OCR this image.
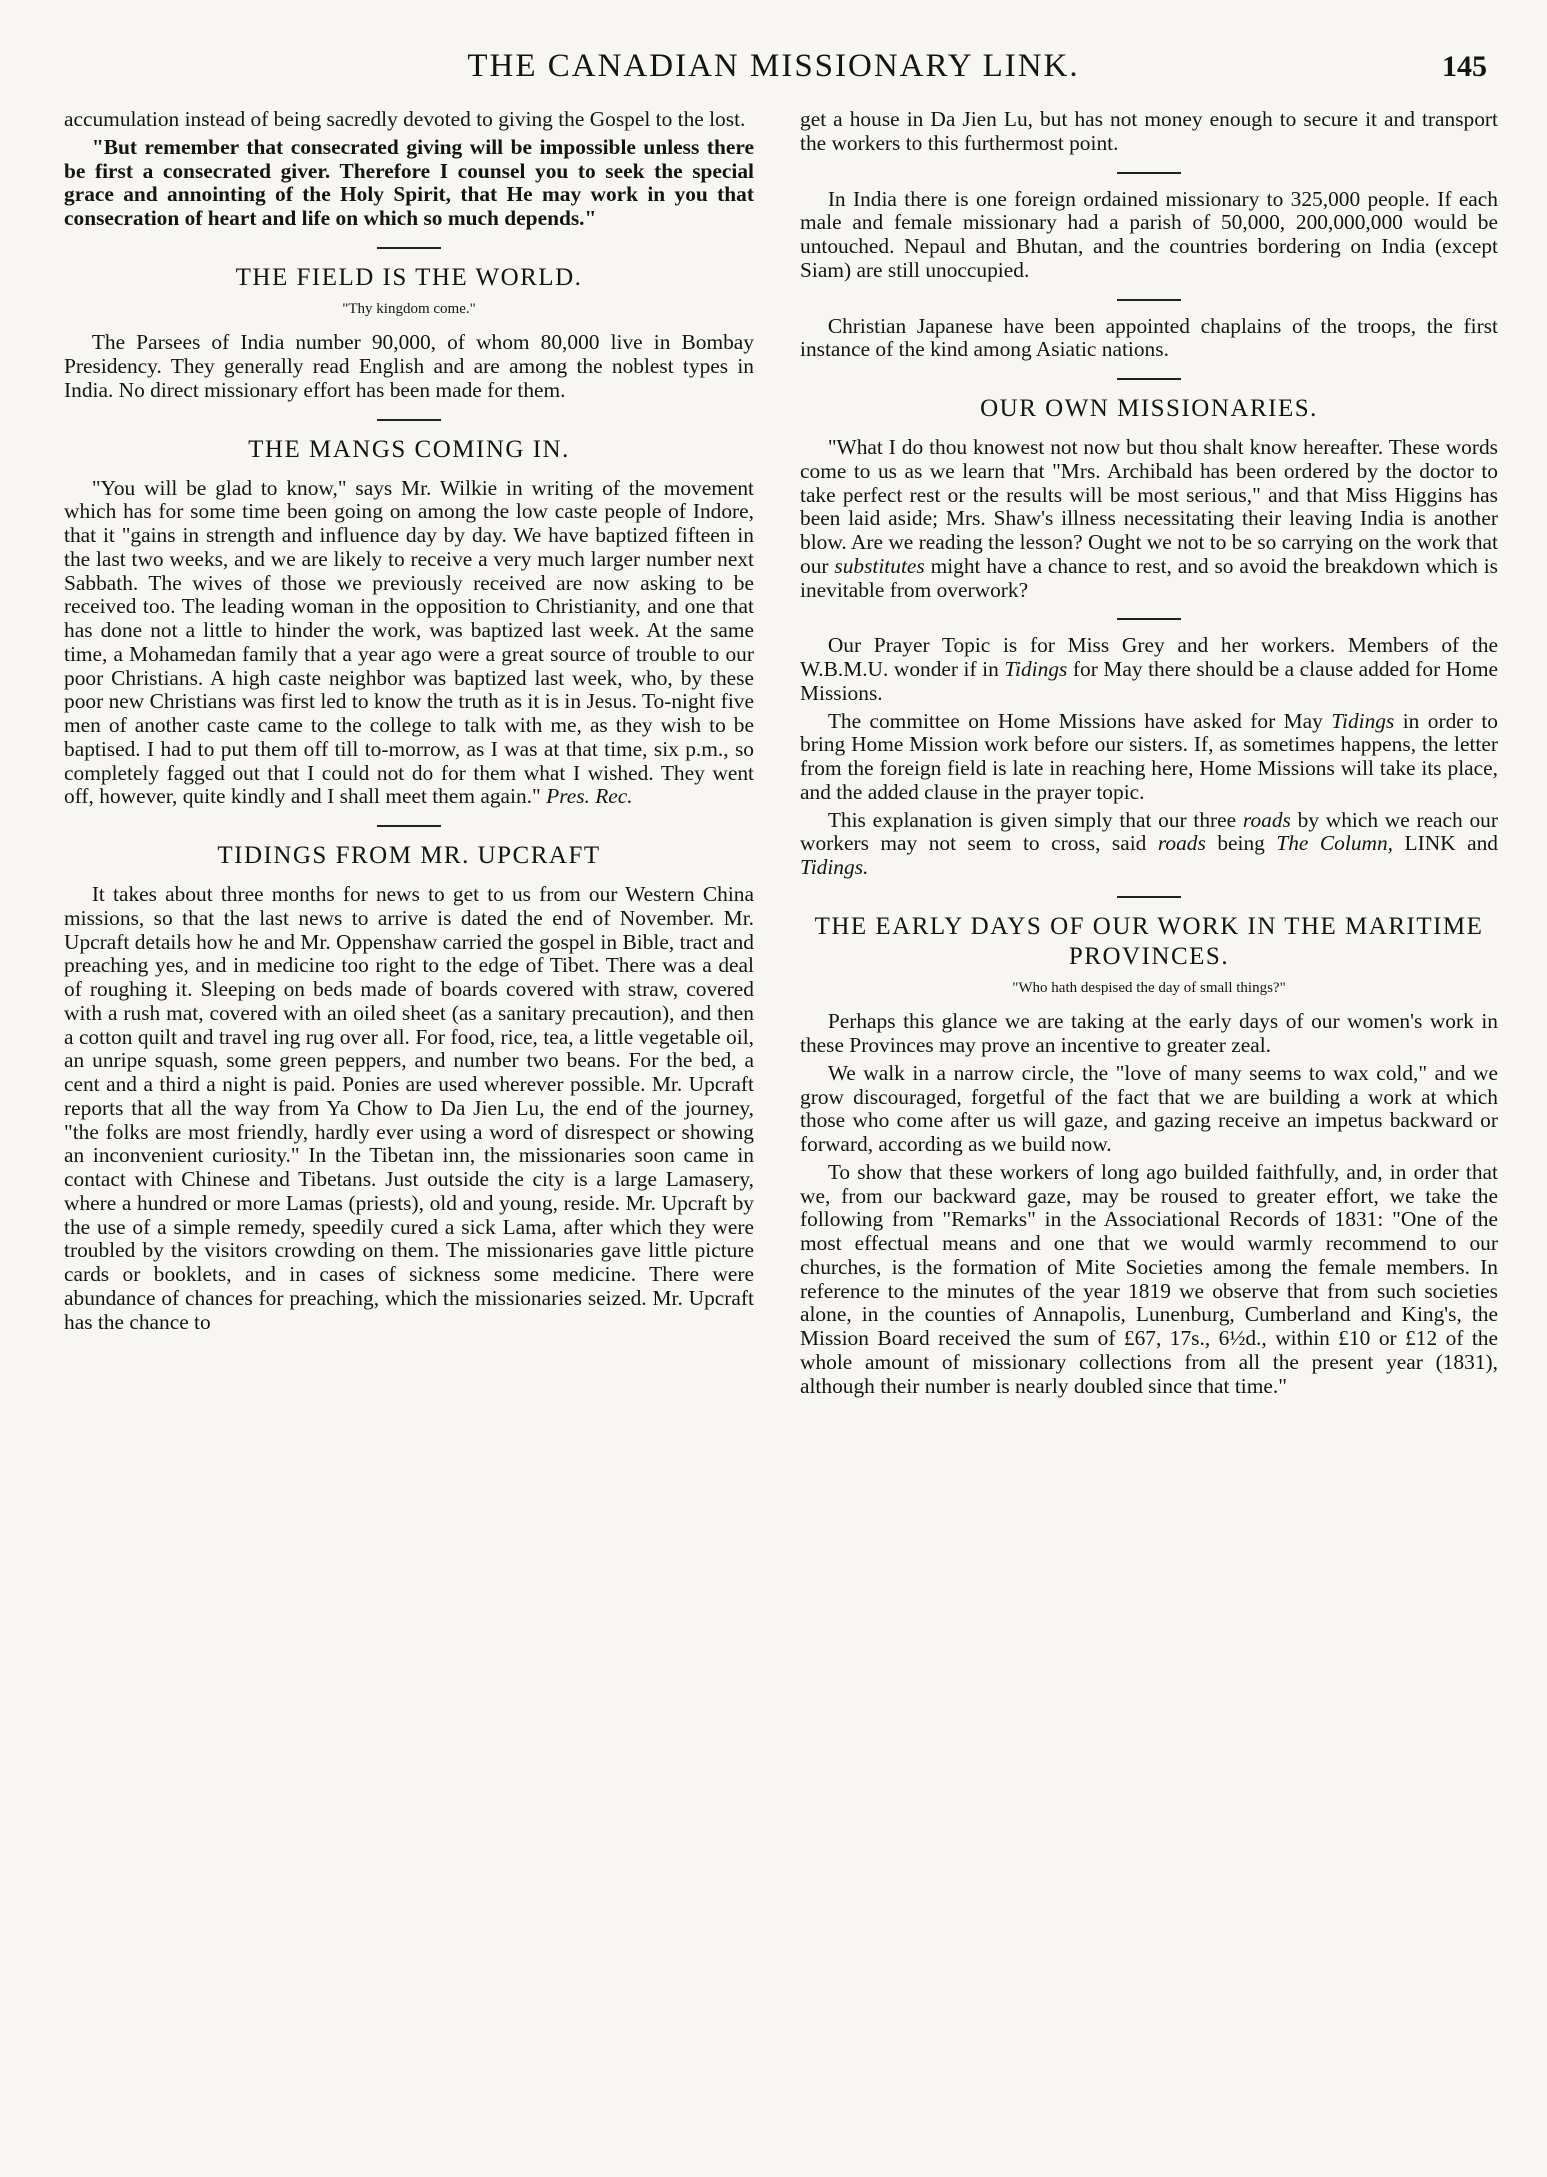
THE CANADIAN MISSIONARY LINK.	145

accumulation instead of being sacredly devoted to giving the Gospel to the lost.

"But remember that consecrated giving will be impossible unless there be first a consecrated giver. Therefore I counsel you to seek the special grace and annointing of the Holy Spirit, that He may work in you that consecration of heart and life on which so much depends."

THE FIELD IS THE WORLD.

"Thy kingdom come."

The Parsees of India number 90,000, of whom 80,000 live in Bombay Presidency. They generally read English and are among the noblest types in India. No direct missionary effort has been made for them.

THE MANGS COMING IN.

"You will be glad to know," says Mr. Wilkie in writing of the movement which has for some time been going on among the low caste people of Indore, that it "gains in strength and influence day by day. We have baptized fifteen in the last two weeks, and we are likely to receive a very much larger number next Sabbath. The wives of those we previously received are now asking to be received too. The leading woman in the opposition to Christianity, and one that has done not a little to hinder the work, was baptized last week. At the same time, a Mohamedan family that a year ago were a great source of trouble to our poor Christians. A high caste neighbor was baptized last week, who, by these poor new Christians was first led to know the truth as it is in Jesus. To-night five men of another caste came to the college to talk with me, as they wish to be baptised. I had to put them off till to-morrow, as I was at that time, six p.m., so completely fagged out that I could not do for them what I wished. They went off, however, quite kindly and I shall meet them again." Pres. Rec.

TIDINGS FROM MR. UPCRAFT

It takes about three months for news to get to us from our Western China missions, so that the last news to arrive is dated the end of November. Mr. Upcraft details how he and Mr. Oppenshaw carried the gospel in Bible, tract and preaching yes, and in medicine too right to the edge of Tibet. There was a deal of roughing it. Sleeping on beds made of boards covered with straw, covered with a rush mat, covered with an oiled sheet (as a sanitary precaution), and then a cotton quilt and travel ing rug over all. For food, rice, tea, a little vegetable oil, an unripe squash, some green peppers, and number two beans. For the bed, a cent and a third a night is paid. Ponies are used wherever possible. Mr. Upcraft reports that all the way from Ya Chow to Da Jien Lu, the end of the journey, "the folks are most friendly, hardly ever using a word of disrespect or showing an inconvenient curiosity." In the Tibetan inn, the missionaries soon came in contact with Chinese and Tibetans. Just outside the city is a large Lamasery, where a hundred or more Lamas (priests), old and young, reside. Mr. Upcraft by the use of a simple remedy, speedily cured a sick Lama, after which they were troubled by the visitors crowding on them. The missionaries gave little picture cards or booklets, and in cases of sickness some medicine. There were abundance of chances for preaching, which the missionaries seized. Mr. Upcraft has the chance to

get a house in Da Jien Lu, but has not money enough to secure it and transport the workers to this furthermost point.

In India there is one foreign ordained missionary to 325,000 people. If each male and female missionary had a parish of 50,000, 200,000,000 would be untouched. Nepaul and Bhutan, and the countries bordering on India (except Siam) are still unoccupied.

Christian Japanese have been appointed chaplains of the troops, the first instance of the kind among Asiatic nations.

OUR OWN MISSIONARIES.

"What I do thou knowest not now but thou shalt know hereafter. These words come to us as we learn that "Mrs. Archibald has been ordered by the doctor to take perfect rest or the results will be most serious," and that Miss Higgins has been laid aside; Mrs. Shaw's illness necessitating their leaving India is another blow. Are we reading the lesson? Ought we not to be so carrying on the work that our substitutes might have a chance to rest, and so avoid the breakdown which is inevitable from overwork?

Our Prayer Topic is for Miss Grey and her workers. Members of the W.B.M.U. wonder if in Tidings for May there should be a clause added for Home Missions.

The committee on Home Missions have asked for May Tidings in order to bring Home Mission work before our sisters. If, as sometimes happens, the letter from the foreign field is late in reaching here, Home Missions will take its place, and the added clause in the prayer topic.

This explanation is given simply that our three roads by which we reach our workers may not seem to cross, said roads being The Column, LINK and Tidings.

THE EARLY DAYS OF OUR WORK IN THE MARITIME PROVINCES.

"Who hath despised the day of small things?"

Perhaps this glance we are taking at the early days of our women's work in these Provinces may prove an incentive to greater zeal.

We walk in a narrow circle, the "love of many seems to wax cold," and we grow discouraged, forgetful of the fact that we are building a work at which those who come after us will gaze, and gazing receive an impetus backward or forward, according as we build now.

To show that these workers of long ago builded faithfully, and, in order that we, from our backward gaze, may be roused to greater effort, we take the following from "Remarks" in the Associational Records of 1831: "One of the most effectual means and one that we would warmly recommend to our churches, is the formation of Mite Societies among the female members. In reference to the minutes of the year 1819 we observe that from such societies alone, in the counties of Annapolis, Lunenburg, Cumberland and King's, the Mission Board received the sum of £67, 17s., 6½d., within £10 or £12 of the whole amount of missionary collections from all the present year (1831), although their number is nearly doubled since that time."
